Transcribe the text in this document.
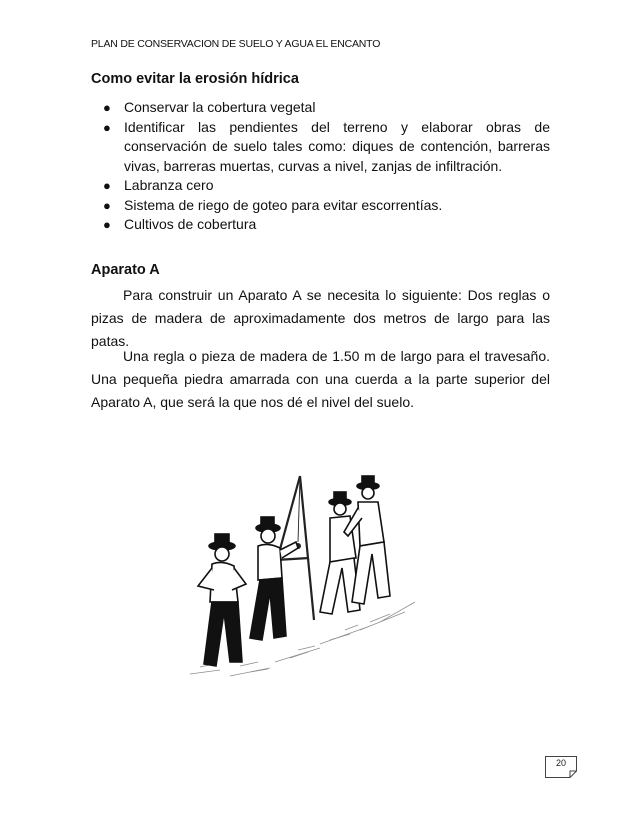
PLAN DE CONSERVACION DE SUELO Y AGUA EL ENCANTO
Como evitar la erosión hídrica
● Conservar la cobertura vegetal
● Identificar las pendientes del terreno y elaborar obras de conservación de suelo tales como: diques de contención, barreras vivas, barreras muertas, curvas a nivel, zanjas de infiltración.
● Labranza cero
● Sistema de riego de goteo para evitar escorrentías.
● Cultivos de cobertura
Aparato A

Para construir un Aparato A se necesita lo siguiente: Dos reglas o pizas de madera de aproximadamente dos metros de largo para las patas.

Una regla o pieza de madera de 1.50 m de largo para el travesaño. Una pequeña piedra amarrada con una cuerda a la parte superior del Aparato A, que será la que nos dé el nivel del suelo.

20
